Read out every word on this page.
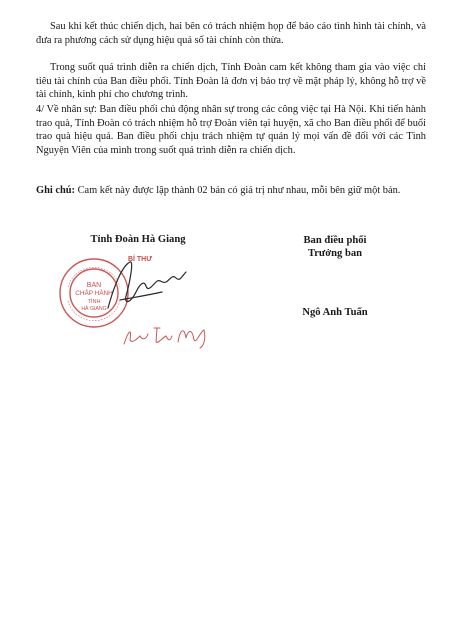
Sau khi kết thúc chiến dịch, hai bên có trách nhiệm họp để báo cáo tình hình tài chính, và đưa ra phương cách sử dụng hiệu quả số tài chính còn thừa.

Trong suốt quá trình diễn ra chiến dịch, Tỉnh Đoàn cam kết không tham gia vào việc chi tiêu tài chính của Ban điều phối. Tỉnh Đoàn là đơn vị bảo trợ về mặt pháp lý, không hỗ trợ về tài chính, kinh phí cho chương trình.

4/ Về nhân sự: Ban điều phối chủ động nhân sự trong các công việc tại Hà Nội. Khi tiến hành trao quà, Tỉnh Đoàn có trách nhiệm hỗ trợ Đoàn viên tại huyện, xã cho Ban điều phối để buổi trao quà hiệu quả. Ban điều phối chịu trách nhiệm tự quản lý mọi vấn đề đối với các Tình Nguyện Viên của mình trong suốt quá trình diễn ra chiến dịch.

Ghi chú: Cam kết này được lập thành 02 bản có giá trị như nhau, mỗi bên giữ một bản.

Tỉnh Đoàn Hà Giang	Ban điều phối
Trưởng ban
Ngô Anh Tuấn
BAN
CHẤP HÀNH
TỈNH
HÀ GIANG
BÍ THƯ
